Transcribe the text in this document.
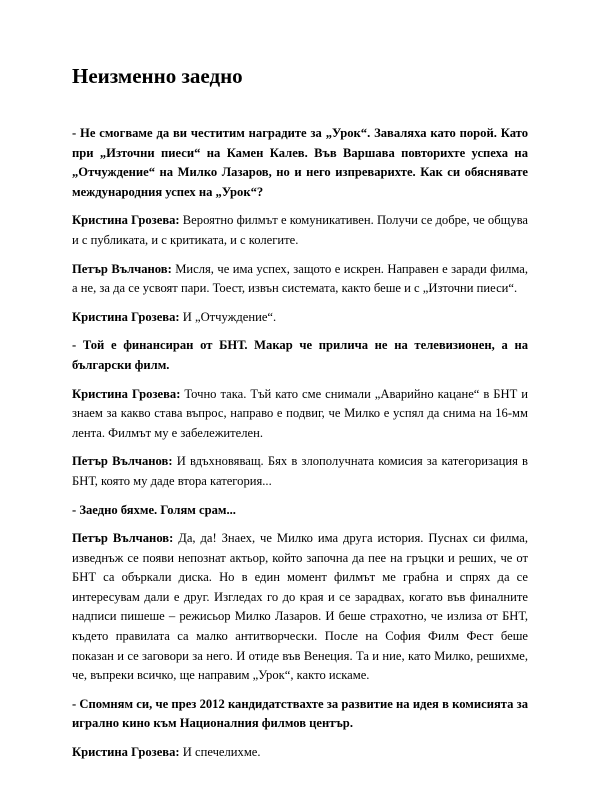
Неизменно заедно

- Не смогваме да ви честитим наградите за „Урок“. Заваляха като порой. Като при „Източни пиеси“ на Камен Калев. Във Варшава повторихте успеха на „Отчуждение“ на Милко Лазаров, но и него изпреварихте. Как си обяснявате международния успех на „Урок“?

Кристина Грозева: Вероятно филмът е комуникативен. Получи се добре, че общува и с публиката, и с критиката, и с колегите.

Петър Вълчанов: Мисля, че има успех, защото е искрен. Направен е заради филма, а не, за да се усвоят пари. Тоест, извън системата, както беше и с „Източни пиеси“.

Кристина Грозева: И „Отчуждение“.

- Той е финансиран от БНТ. Макар че прилича не на телевизионен, а на български филм.

Кристина Грозева: Точно така. Тъй като сме снимали „Аварийно кацане“ в БНТ и знаем за какво става въпрос, направо е подвиг, че Милко е успял да снима на 16-мм лента. Филмът му е забележителен.

Петър Вълчанов: И вдъхновяващ. Бях в злополучната комисия за категоризация в БНТ, която му даде втора категория...

- Заедно бяхме. Голям срам...

Петър Вълчанов: Да, да! Знаех, че Милко има друга история. Пуснах си филма, изведнъж се появи непознат актьор, който започна да пее на гръцки и реших, че от БНТ са объркали диска. Но в един момент филмът ме грабна и спрях да се интересувам дали е друг. Изгледах го до края и се зарадвах, когато във финалните надписи пишеше – режисьор Милко Лазаров. И беше страхотно, че излиза от БНТ, където правилата са малко антитворчески. После на София Филм Фест беше показан и се заговори за него. И отиде във Венеция. Та и ние, като Милко, решихме, че, въпреки всичко, ще направим „Урок“, както искаме.

- Спомням си, че през 2012 кандидатствахте за развитие на идея в комисията за игрално кино към Националния филмов център.

Кристина Грозева: И спечелихме.
